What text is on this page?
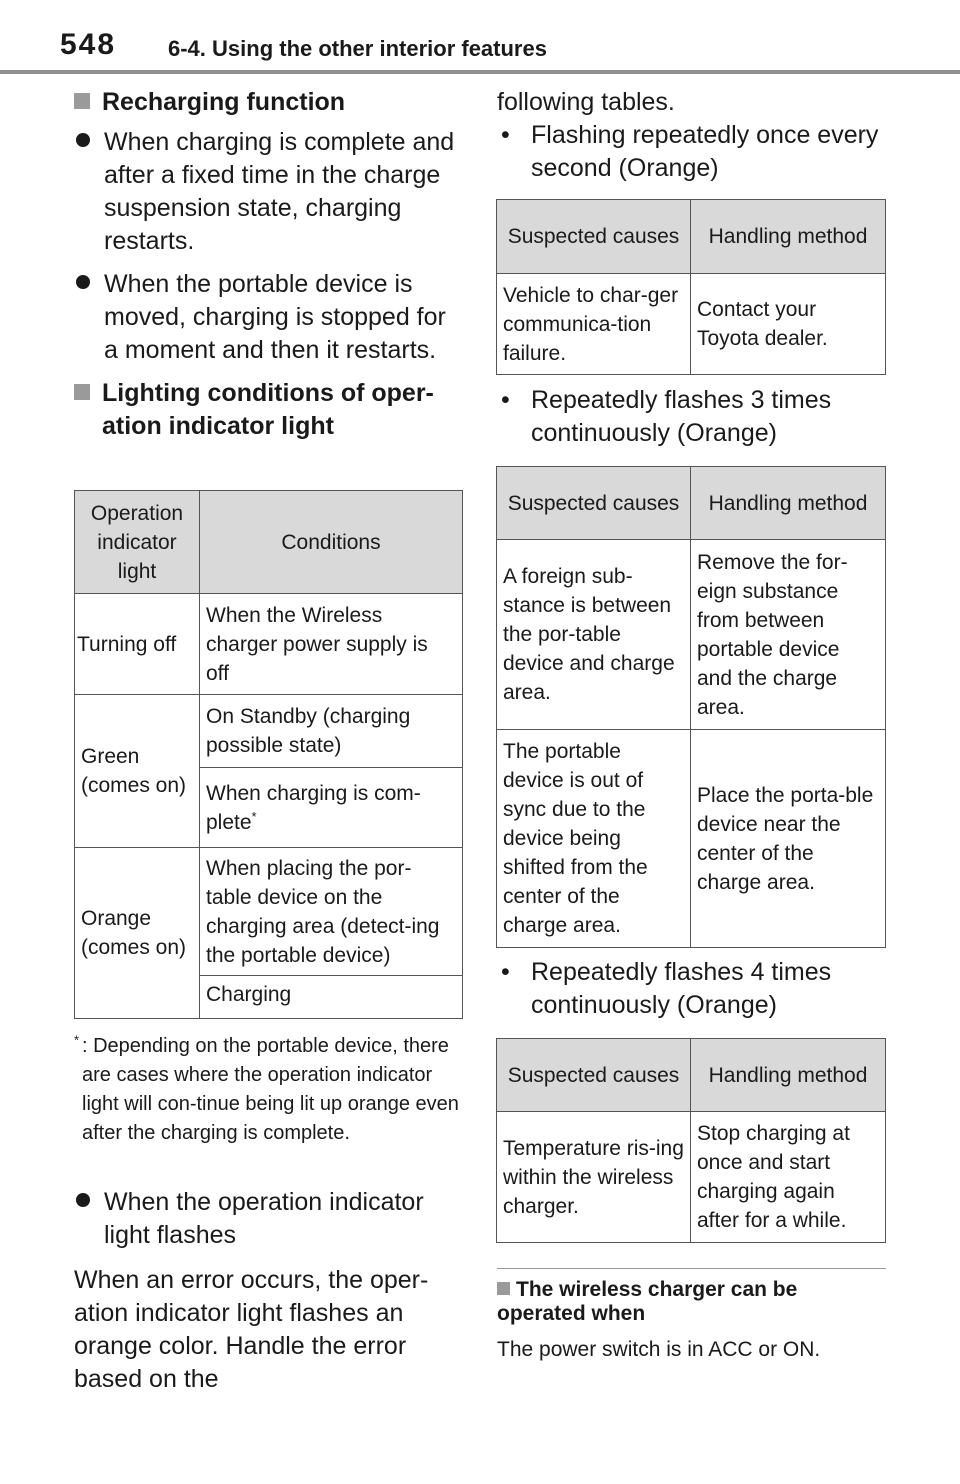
548 6-4. Using the other interior features
Recharging function
When charging is complete and after a fixed time in the charge suspension state, charging restarts.
When the portable device is moved, charging is stopped for a moment and then it restarts.
Lighting conditions of oper-
ation indicator light
Operation indicator light	Conditions
Turning off	When the Wireless charger power supply is off
Green (comes on)	On Standby (charging possible state)
	When charging is com-plete*
Orange (comes on)	When placing the por-table device on the charging area (detect-ing the portable device)
	Charging
* : Depending on the portable device, there are cases where the operation indicator light will con-tinue being lit up orange even after the charging is complete.
When the operation indicator light flashes

When an error occurs, the oper-ation indicator light flashes an orange color. Handle the error based on the

following tables.
• Flashing repeatedly once every second (Orange)
Suspected causes	Handling method
Vehicle to char-ger communica-tion failure.	Contact your Toyota dealer.
• Repeatedly flashes 3 times continuously (Orange)
Suspected causes	Handling method
A foreign sub-stance is between the por-table device and charge area.	Remove the for-eign substance from between portable device and the charge area.
The portable device is out of sync due to the device being shifted from the center of the charge area.	Place the porta-ble device near the center of the charge area.
• Repeatedly flashes 4 times continuously (Orange)
Suspected causes	Handling method
Temperature ris-ing within the wireless charger.	Stop charging at once and start charging again after for a while.
The wireless charger can be operated when
The power switch is in ACC or ON.
